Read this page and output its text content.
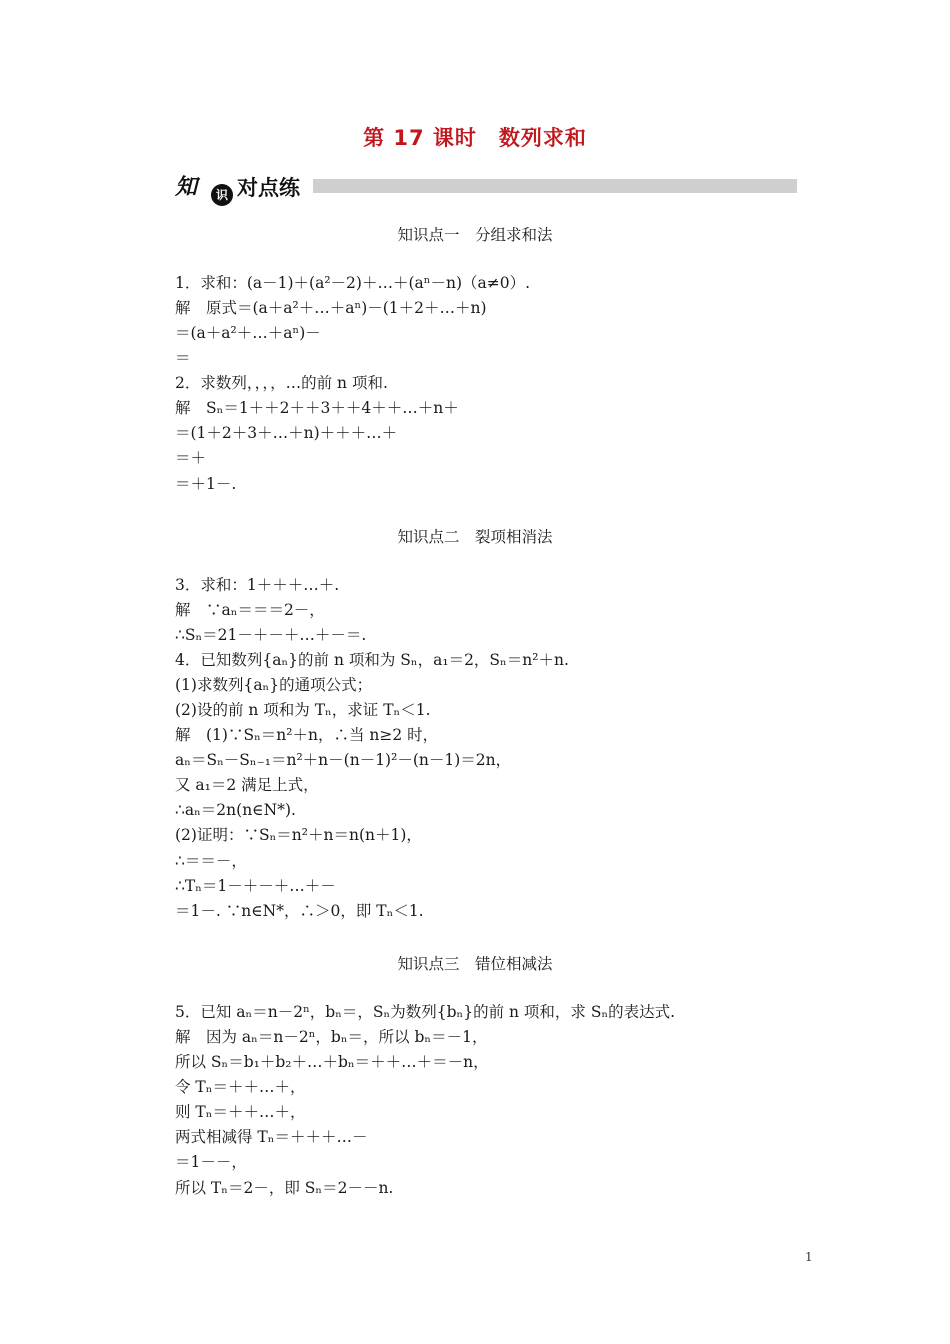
第 17 课时　数列求和
知	识 对点练
知识点一　分组求和法
1．求和：(a－1)＋(a²－2)＋…＋(aⁿ－n)（a≠0）.
解　原式＝(a＋a²＋…＋aⁿ)－(1＋2＋…＋n)
＝(a＋a²＋…＋aⁿ)－
＝
2．求数列，，，，…的前 n 项和.
解　Sₙ＝1＋＋2＋＋3＋＋4＋＋…＋n＋
＝(1＋2＋3＋…＋n)＋＋＋…＋
＝＋
＝＋1－.
知识点二　裂项相消法
3．求和：1＋＋＋…＋.
解　∵aₙ＝＝＝2－，
∴Sₙ＝21－＋－＋…＋－＝.
4．已知数列{aₙ}的前 n 项和为 Sₙ，a₁＝2，Sₙ＝n²＋n.
(1)求数列{aₙ}的通项公式；
(2)设的前 n 项和为 Tₙ，求证 Tₙ＜1.
解　(1)∵Sₙ＝n²＋n，∴当 n≥2 时，
aₙ＝Sₙ－Sₙ₋₁＝n²＋n－(n－1)²－(n－1)＝2n，
又 a₁＝2 满足上式，
∴aₙ＝2n(n∈N*).
(2)证明：∵Sₙ＝n²＋n＝n(n＋1)，
∴＝＝－，
∴Tₙ＝1－＋－＋…＋－
＝1－. ∵n∈N*，∴＞0，即 Tₙ＜1.
知识点三　错位相减法
5．已知 aₙ＝n－2ⁿ，bₙ＝，Sₙ为数列{bₙ}的前 n 项和，求 Sₙ的表达式.
解　因为 aₙ＝n－2ⁿ，bₙ＝，所以 bₙ＝－1，
所以 Sₙ＝b₁＋b₂＋…＋bₙ＝＋＋…＋＝－n，
令 Tₙ＝＋＋…＋，
则 Tₙ＝＋＋…＋，
两式相减得 Tₙ＝＋＋＋…－
＝1－－，
所以 Tₙ＝2－，即 Sₙ＝2－－n.
1
